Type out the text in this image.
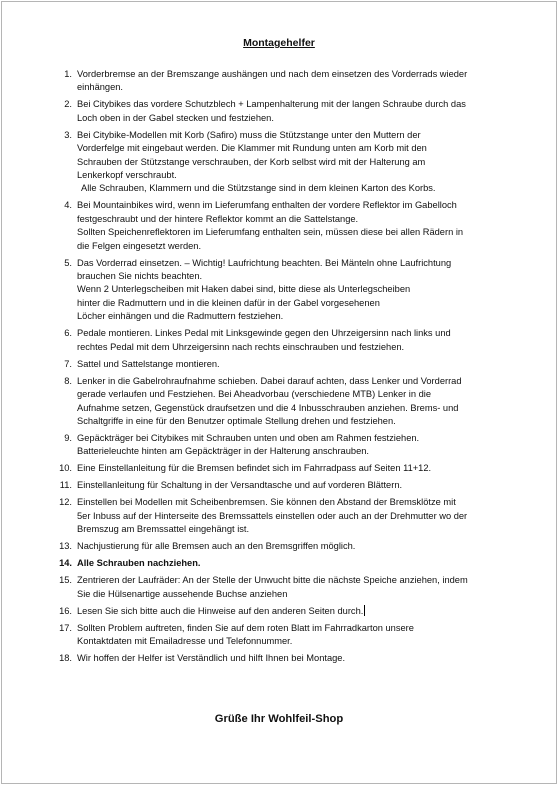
Montagehelfer
1. Vorderbremse an der Bremszange aushängen und nach dem einsetzen des Vorderrads wieder
einhängen.
2. Bei Citybikes das vordere Schutzblech + Lampenhalterung mit der langen Schraube durch das
Loch oben in der Gabel stecken und festziehen.
3. Bei Citybike-Modellen mit Korb (Safiro) muss die Stützstange unter den Muttern der
Vorderfelge mit eingebaut werden. Die Klammer mit Rundung unten am Korb mit den
Schrauben der Stützstange verschrauben, der Korb selbst wird mit der Halterung am
Lenkerkopf verschraubt.
Alle Schrauben, Klammern und die Stützstange sind in dem kleinen Karton des Korbs.
4. Bei Mountainbikes wird, wenn im Lieferumfang enthalten der vordere Reflektor im Gabelloch
festgeschraubt und der hintere Reflektor kommt an die Sattelstange.
Sollten Speichenreflektoren im Lieferumfang enthalten sein, müssen diese bei allen Rädern in
die Felgen eingesetzt werden.
5. Das Vorderrad einsetzen. – Wichtig! Laufrichtung beachten. Bei Mänteln ohne Laufrichtung
brauchen Sie nichts beachten.
Wenn 2 Unterlegscheiben mit Haken dabei sind, bitte diese als Unterlegscheiben
hinter die Radmuttern und in die kleinen dafür in der Gabel vorgesehenen
Löcher einhängen und die Radmuttern festziehen.
6. Pedale montieren. Linkes Pedal mit Linksgewinde gegen den Uhrzeigersinn nach links und
rechtes Pedal mit dem Uhrzeigersinn nach rechts einschrauben und festziehen.
7. Sattel und Sattelstange montieren.
8. Lenker in die Gabelrohraufnahme schieben. Dabei darauf achten, dass Lenker und Vorderrad
gerade verlaufen und Festziehen. Bei Aheadvorbau (verschiedene MTB) Lenker in die
Aufnahme setzen, Gegenstück draufsetzen und die 4 Inbusschrauben anziehen. Brems- und
Schaltgriffe in eine für den Benutzer optimale Stellung drehen und festziehen.
9. Gepäckträger bei Citybikes mit Schrauben unten und oben am Rahmen festziehen.
Batterieleuchte hinten am Gepäckträger in der Halterung anschrauben.
10. Eine Einstellanleitung für die Bremsen befindet sich im Fahrradpass auf Seiten 11+12.
11. Einstellanleitung für Schaltung in der Versandtasche und auf vorderen Blättern.
12. Einstellen bei Modellen mit Scheibenbremsen. Sie können den Abstand der Bremsklötze mit
5er Inbuss auf der Hinterseite des Bremssattels einstellen oder auch an der Drehmutter wo der
Bremszug am Bremssattel eingehängt ist.
13. Nachjustierung für alle Bremsen auch an den Bremsgriffen möglich.
14. Alle Schrauben nachziehen.
15. Zentrieren der Laufräder: An der Stelle der Unwucht bitte die nächste Speiche anziehen, indem
Sie die Hülsenartige aussehende Buchse anziehen
16. Lesen Sie sich bitte auch die Hinweise auf den anderen Seiten durch.
17. Sollten Problem auftreten, finden Sie auf dem roten Blatt im Fahrradkarton unsere
Kontaktdaten mit Emailadresse und Telefonnummer.
18. Wir hoffen der Helfer ist Verständlich und hilft Ihnen bei Montage.
Grüße Ihr Wohlfeil-Shop
